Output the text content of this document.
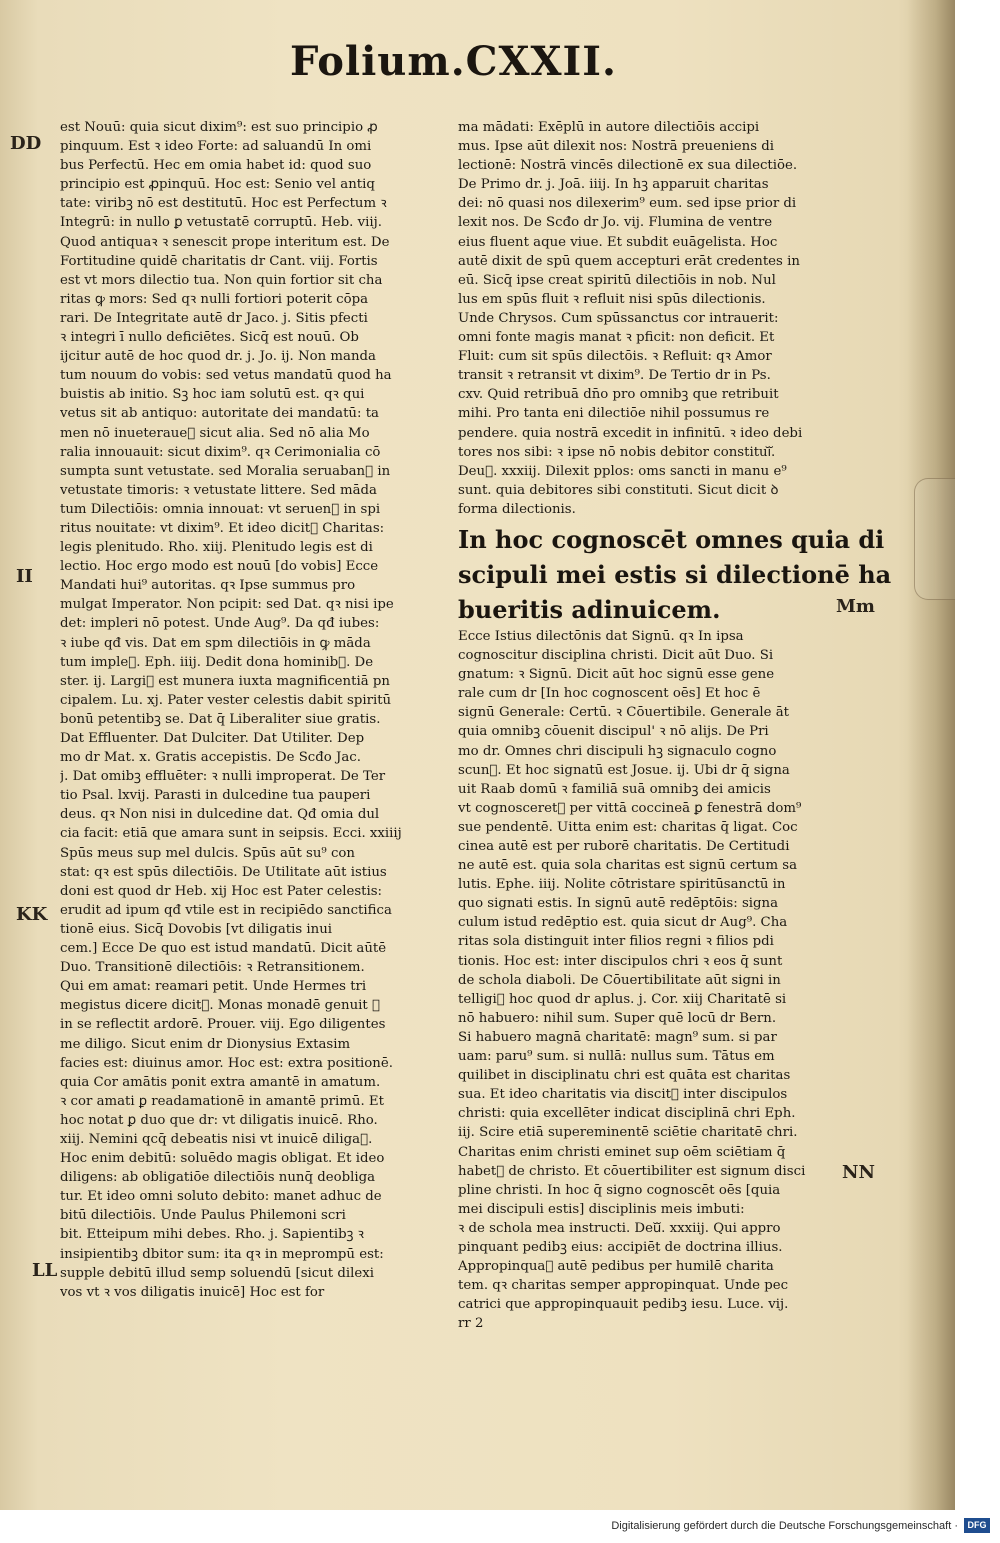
Folium.CXXII.
est Nouū: quia sicut dixim⁹: est suo principio ꝓ
pinquum. Est ꝛ ideo Forte: ad saluandū In omi
bus Perfectū. Hec em omia habet id: quod suo
principio est ꝓpinquū. Hoc est: Senio vel antiq
tate: viribꝫ nō est destitutū. Hoc est Perfectum ꝛ
Integrū: in nullo ꝑ vetustatē corruptū. Heb. viij.
Quod antiquaꝛ ꝛ senescit prope interitum est. De
Fortitudine quidē charitatis dr Cant. viij. Fortis
est vt mors dilectio tua. Non quin fortior sit cha
ritas ꝙ mors: Sed qꝛ nulli fortiori poterit cōpa
rari. De Integritate autē dr Jaco. j. Sitis pfecti
ꝛ integri ī nullo deficiētes. Sicq̄ est nouū. Ob
ijcitur autē de hoc quod dr. j. Jo. ij. Non manda
tum nouum do vobis: sed vetus mandatū quod ha
buistis ab initio. Sꝫ hoc iam solutū est. qꝛ qui
vetus sit ab antiquo: autoritate dei mandatū: ta
men nō inueteraueᷓ sicut alia. Sed nō alia Mo
ralia innouauit: sicut dixim⁹. qꝛ Cerimonialia cō
sumpta sunt vetustate. sed Moralia seruabanᷓ in
vetustate timoris: ꝛ vetustate littere. Sed māda
tum Dilectiōis: omnia innouat: vt seruenᷓ in spi
ritus nouitate: vt dixim⁹. Et ideo dicitᷓ Charitas:
legis plenitudo. Rho. xiij. Plenitudo legis est di
lectio. Hoc ergo modo est nouū [do vobis] Ecce
Mandati hui⁹ autoritas. qꝛ Ipse summus pro
mulgat Imperator. Non pcipit: sed Dat. qꝛ nisi ipe
det: impleri nō potest. Unde Aug⁹. Da qđ iubes:
ꝛ iube qđ vis. Dat em spm dilectiōis in ꝙ māda
tum impleᷓ. Eph. iiij. Dedit dona hominibꝫ. De
ster. ij. Largiᷓ est munera iuxta magnificentiā pn
cipalem. Lu. xj. Pater vester celestis dabit spiritū
bonū petentibꝫ se. Dat q̄ Liberaliter siue gratis.
Dat Effluenter. Dat Dulciter. Dat Utiliter. Dep
mo dr Mat. x. Gratis accepistis. De Scđo Jac.
j. Dat omibꝫ effluēter: ꝛ nulli improperat. De Ter
tio Psal. lxvij. Parasti in dulcedine tua pauperi
deus. qꝛ Non nisi in dulcedine dat. Qđ omia dul
cia facit: etiā que amara sunt in seipsis. Ecci. xxiiij
Spūs meus sup mel dulcis. Spūs aūt su⁹ con
stat: qꝛ est spūs dilectiōis. De Utilitate aūt istius
doni est quod dr Heb. xij Hoc est Pater celestis:
erudit ad ipum qđ vtile est in recipiēdo sanctifica
tionē eius. Sicq̄ Dovobis [vt diligatis inui
cem.] Ecce De quo est istud mandatū. Dicit aūtē
Duo. Transitionē dilectiōis: ꝛ Retransitionem.
Qui em amat: reamari petit. Unde Hermes tri
megistus dicere dicitᷓ. Monas monadē genuit ꝛ
in se reflectit ardorē. Prouer. viij. Ego diligentes
me diligo. Sicut enim dr Dionysius Extasim
facies est: diuinus amor. Hoc est: extra positionē.
quia Cor amātis ponit extra amantē in amatum.
ꝛ cor amati ꝑ readamationē in amantē primū. Et
hoc notat ꝑ duo que dr: vt diligatis inuicē. Rho.
xiij. Nemini qcq̄ debeatis nisi vt inuicē diligaᷓ.
Hoc enim debitū: soluēdo magis obligat. Et ideo
diligens: ab obligatiōe dilectiōis nunq̄ deobliga
tur. Et ideo omni soluto debito: manet adhuc de
bitū dilectiōis. Unde Paulus Philemoni scri
bit. Etteipum mihi debes. Rho. j. Sapientibꝫ ꝛ
insipientibꝫ dbitor sum: ita qꝛ in meprompū est:
supple debitū illud semp soluendū [sicut dilexi
vos vt ꝛ vos diligatis inuicē] Hoc est for
ma mādati: Exēplū in autore dilectiōis accipi
mus. Ipse aūt dilexit nos: Nostrā preueniens di
lectionē: Nostrā vincēs dilectionē ex sua dilectiōe.
De Primo dr. j. Joā. iiij. In hꝫ apparuit charitas
dei: nō quasi nos dilexerim⁹ eum. sed ipse prior di
lexit nos. De Scđo dr Jo. vij. Flumina de ventre
eius fluent aque viue. Et subdit euāgelista. Hoc
autē dixit de spū quem accepturi erāt credentes in
eū. Sicq̄ ipse creat spiritū dilectiōis in nob. Nul
lus em spūs fluit ꝛ refluit nisi spūs dilectionis.
Unde Chrysos. Cum spūssanctus cor intrauerit:
omni fonte magis manat ꝛ pficit: non deficit. Et
Fluit: cum sit spūs dilectōis. ꝛ Refluit: qꝛ Amor
transit ꝛ retransit vt dixim⁹. De Tertio dr in Ps.
cxv. Quid retribuā dn̄o pro omnibꝫ que retribuit
mihi. Pro tanta eni dilectiōe nihil possumus re
pendere. quia nostrā excedit in infinitū. ꝛ ideo debi
tores nos sibi: ꝛ ipse nō nobis debitor constituiᷓ.
Deuᷓ. xxxiij. Dilexit pplos: oms sancti in manu e⁹
sunt. quia debitores sibi constituti. Sicut dicit ꝺ
forma dilectionis.
In hoc cognoscēt omnes quia di
scipuli mei estis si dilectionē ha
bueritis adinuicem.
Ecce Istius dilectōnis dat Signū. qꝛ In ipsa
cognoscitur disciplina christi. Dicit aūt Duo. Si
gnatum: ꝛ Signū. Dicit aūt hoc signū esse gene
rale cum dr [In hoc cognoscent oēs] Et hoc ē
signū Generale: Certū. ꝛ Cōuertibile. Generale āt
quia omnibꝫ cōuenit discipul' ꝛ nō alijs. De Pri
mo dr. Omnes chri discipuli hꝫ signaculo cogno
scunᷓ. Et hoc signatū est Josue. ij. Ubi dr q̄ signa
uit Raab domū ꝛ familiā suā omnibꝫ dei amicis
vt cognosceretᷓ per vittā coccineā ꝑ fenestrā dom⁹
sue pendentē. Uitta enim est: charitas q̄ ligat. Coc
cinea autē est per ruborē charitatis. De Certitudi
ne autē est. quia sola charitas est signū certum sa
lutis. Ephe. iiij. Nolite cōtristare spiritūsanctū in
quo signati estis. In signū autē redēptōis: signa
culum istud redēptio est. quia sicut dr Aug⁹. Cha
ritas sola distinguit inter filios regni ꝛ filios pdi
tionis. Hoc est: inter discipulos chri ꝛ eos q̄ sunt
de schola diaboli. De Cōuertibilitate aūt signi in
telligiᷓ hoc quod dr aplus. j. Cor. xiij Charitatē si
nō habuero: nihil sum. Super quē locū dr Bern.
Si habuero magnā charitatē: magn⁹ sum. si par
uam: paru⁹ sum. si nullā: nullus sum. Tātus em
quilibet in disciplinatu chri est quāta est charitas
sua. Et ideo charitatis via discitᷓ inter discipulos
christi: quia excellēter indicat disciplinā chri Eph.
iij. Scire etiā supereminentē sciētie charitatē chri.
Charitas enim christi eminet sup oēm sciētiam q̄
habetᷓ de christo. Et cōuertibiliter est signum disci
pline christi. In hoc q̄ signo cognoscēt oēs [quia
mei discipuli estis] disciplinis meis imbuti:
ꝛ de schola mea instructi. Deuᷓ. xxxiij. Qui appro
pinquant pedibꝫ eius: accipiēt de doctrina illius.
Appropinquaᷓ autē pedibus per humilē charita
tem. qꝛ charitas semper appropinquat. Unde pec
catrici que appropinquauit pedibꝫ iesu. Luce. vij.
rr 2
DD
II
KK
LL
Mm
NN
Digitalisierung gefördert durch die Deutsche Forschungsgemeinschaft ·	DFG
